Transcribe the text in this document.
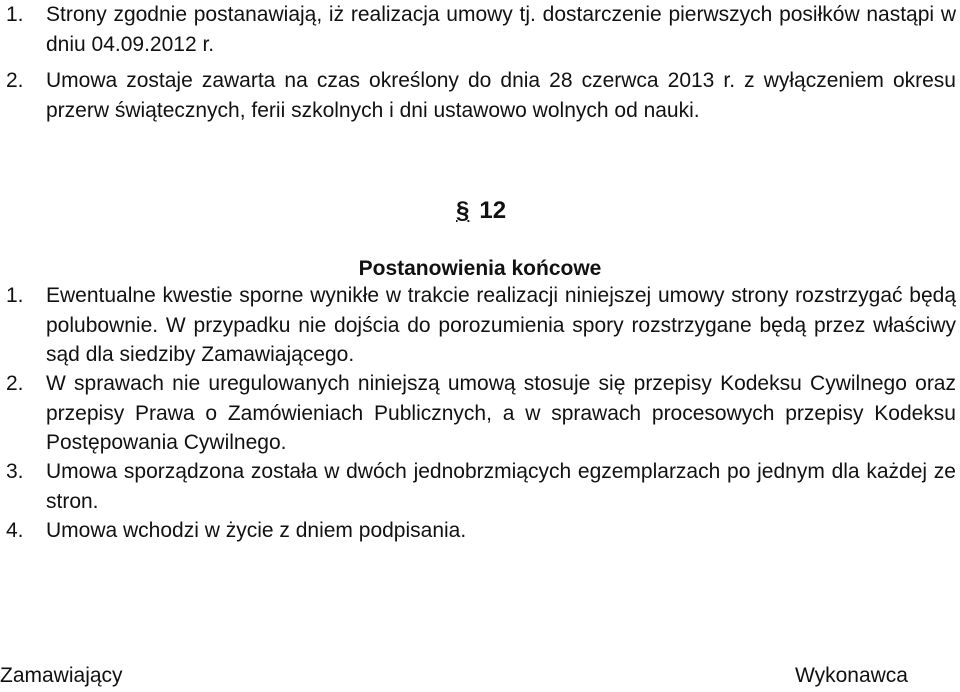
1.	Strony zgodnie postanawiają, iż realizacja umowy tj. dostarczenie pierwszych posiłków nastąpi w dniu 04.09.2012 r.
2.	Umowa zostaje zawarta na czas określony do dnia 28 czerwca 2013 r. z wyłączeniem okresu przerw świątecznych, ferii szkolnych i dni ustawowo wolnych od nauki.
§ 12
Postanowienia końcowe
1.	Ewentualne kwestie sporne wynikłe w trakcie realizacji niniejszej umowy strony rozstrzygać będą polubownie. W przypadku nie dojścia do porozumienia spory rozstrzygane będą przez właściwy sąd dla siedziby Zamawiającego.
2.	W sprawach nie uregulowanych niniejszą umową stosuje się przepisy Kodeksu Cywilnego oraz przepisy Prawa o Zamówieniach Publicznych, a w sprawach procesowych przepisy Kodeksu Postępowania Cywilnego.
3.	Umowa sporządzona została w dwóch jednobrzmiących egzemplarzach po jednym dla każdej ze stron.
4.	Umowa wchodzi w życie z dniem podpisania.
Zamawiający	Wykonawca
